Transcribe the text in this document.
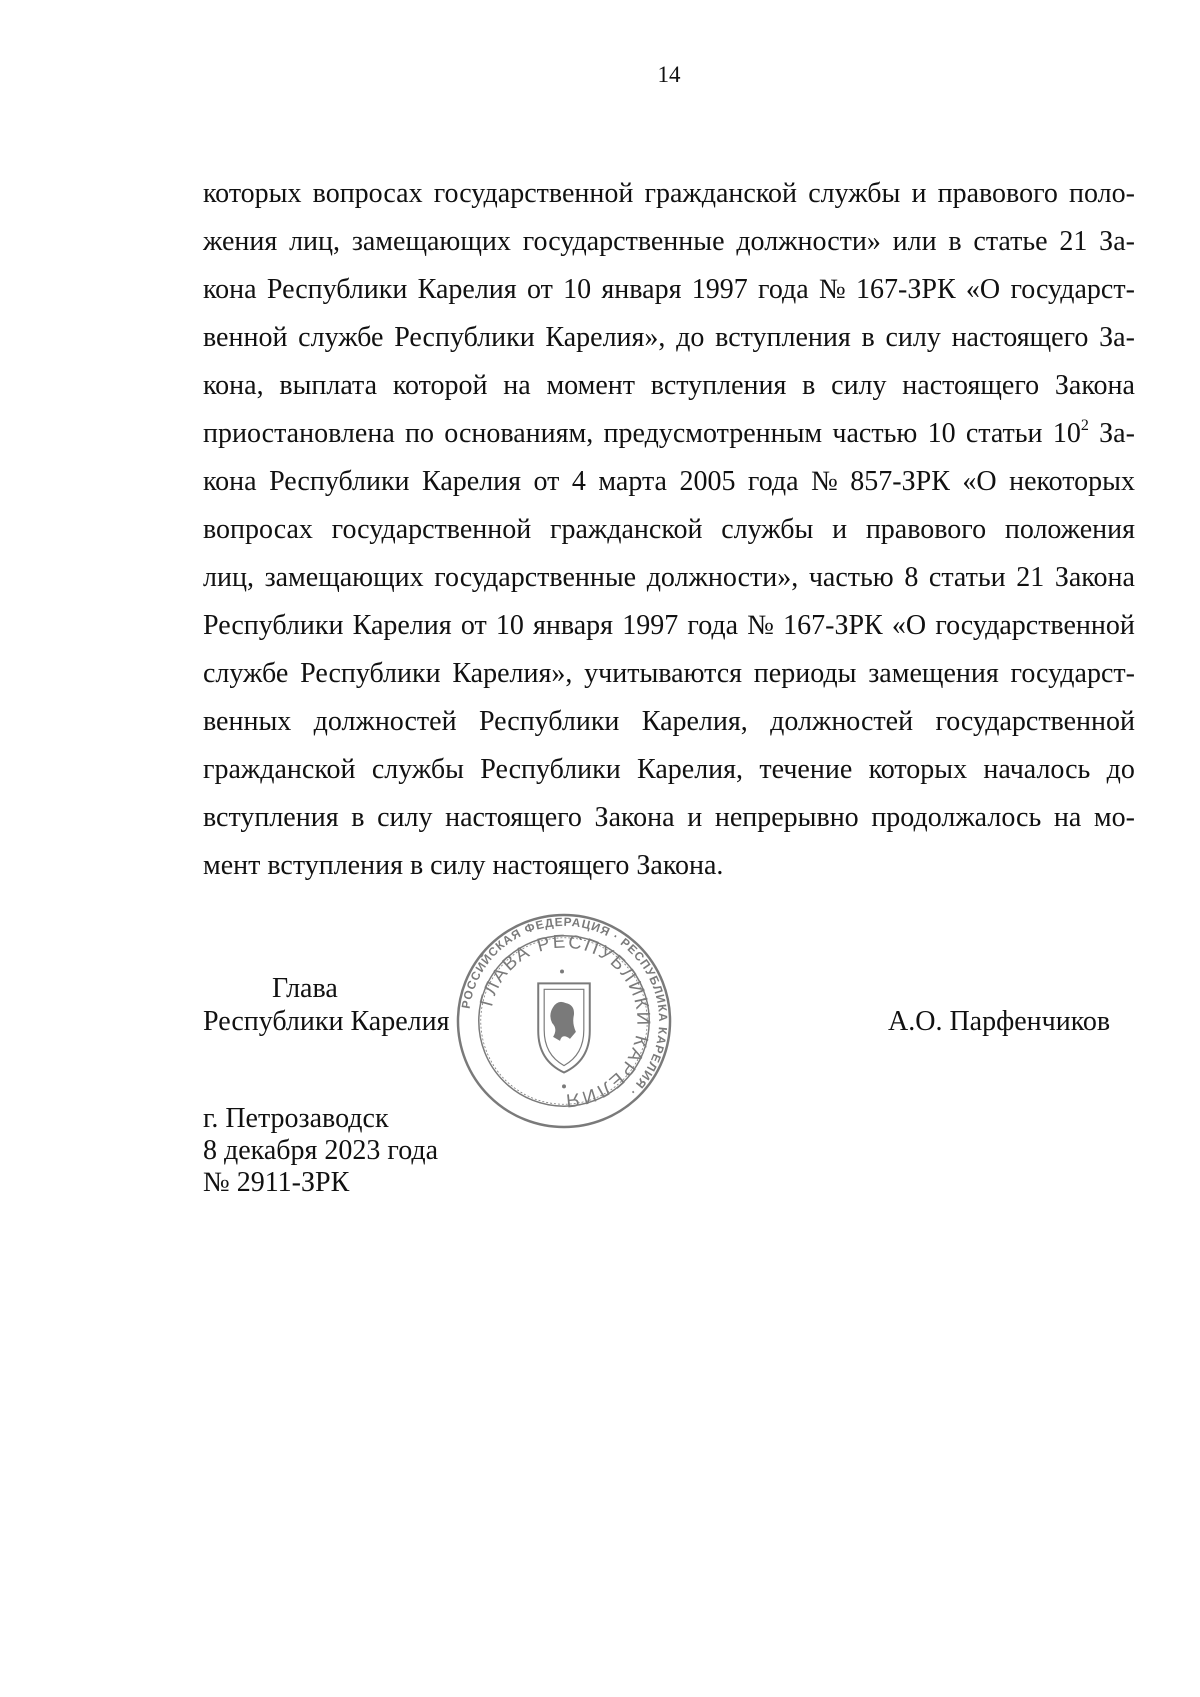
14
которых вопросах государственной гражданской службы и правового поло-
жения лиц, замещающих государственные должности» или в статье 21 За-
кона Республики Карелия от 10 января 1997 года № 167-ЗРК «О государст-
венной службе Республики Карелия», до вступления в силу настоящего За-
кона, выплата которой на момент вступления в силу настоящего Закона
приостановлена по основаниям, предусмотренным частью 10 статьи $10^2$ За-
кона Республики Карелия от 4 марта 2005 года № 857-ЗРК «О некоторых
вопросах государственной гражданской службы и правового положения
лиц, замещающих государственные должности», частью 8 статьи 21 Закона
Республики Карелия от 10 января 1997 года № 167-ЗРК «О государственной
службе Республики Карелия», учитываются периоды замещения государст-
венных должностей Республики Карелия, должностей государственной
гражданской службы Республики Карелия, течение которых началось до
вступления в силу настоящего Закона и непрерывно продолжалось на мо-
мент вступления в силу настоящего Закона.
Глава
Республики Карелия	А.О. Парфенчиков
РОССИЙСКАЯ ФЕДЕРАЦИЯ · РЕСПУБЛИКА КАРЕЛИЯ ·
ГЛАВА РЕСПУБЛИКИ КАРЕЛИЯ
г. Петрозаводск
8 декабря 2023 года
№ 2911-ЗРК
